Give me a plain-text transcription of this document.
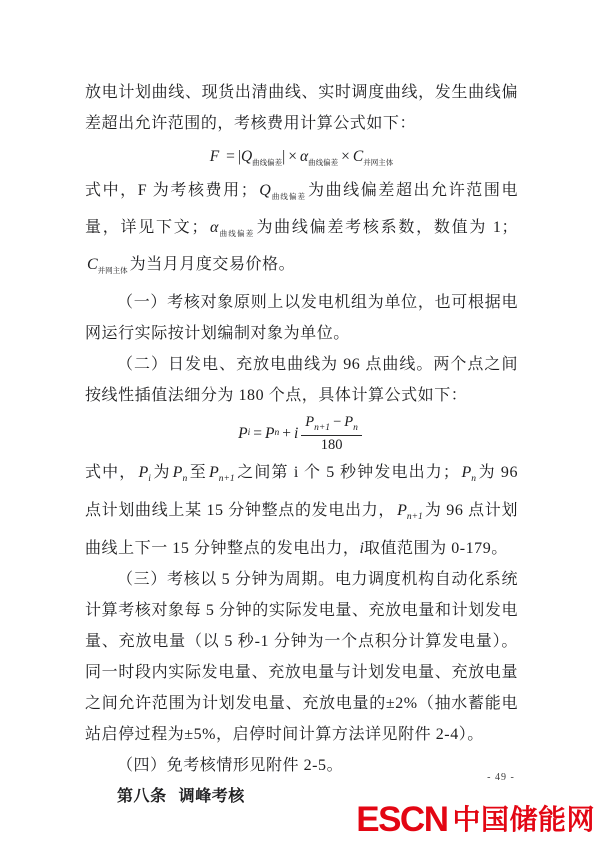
放电计划曲线、现货出清曲线、实时调度曲线，发生曲线偏差超出允许范围的，考核费用计算公式如下：

$F = |Q_{曲线偏差}| \times \alpha_{曲线偏差} \times C_{并网主体}$

式中，F 为考核费用； $Q_{曲线偏差}$ 为曲线偏差超出允许范围电量，详见下文； $\alpha_{曲线偏差}$ 为曲线偏差考核系数，数值为 1；$C_{并网主体}$ 为当月月度交易价格。

（一）考核对象原则上以发电机组为单位，也可根据电网运行实际按计划编制对象为单位。

（二）日发电、充放电曲线为 96 点曲线。两个点之间按线性插值法细分为 180 个点，具体计算公式如下：

P i = P n + i $\frac{P_{n+1} - P_n}{180}$

式中， $P_i$ 为 $P_n$ 至 $P_{n+1}$ 之间第 i 个 5 秒钟发电出力； $P_n$ 为 96 点计划曲线上某 15 分钟整点的发电出力， $P_{n+1}$ 为 96 点计划曲线上下一 15 分钟整点的发电出力，i取值范围为 0-179。

（三）考核以 5 分钟为周期。电力调度机构自动化系统计算考核对象每 5 分钟的实际发电量、充放电量和计划发电量、充放电量（以 5 秒-1 分钟为一个点积分计算发电量）。同一时段内实际发电量、充放电量与计划发电量、充放电量之间允许范围为计划发电量、充放电量的±2%（抽水蓄能电站启停过程为±5%，启停时间计算方法详见附件 2-4）。

（四）免考核情形见附件 2-5。

第八条 调峰考核

- 49 -
ESCN 中国储能网
